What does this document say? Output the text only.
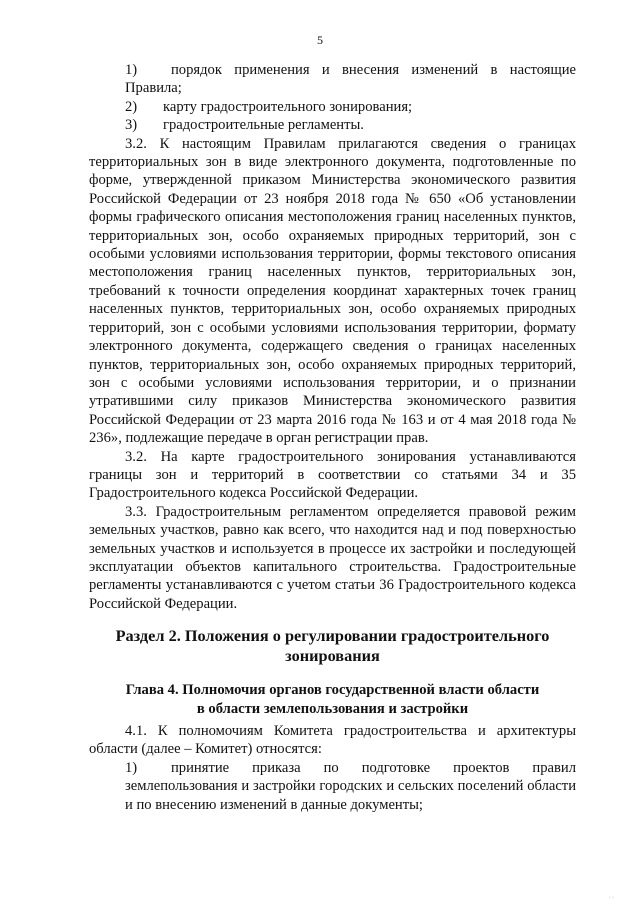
5
1) порядок применения и внесения изменений в настоящие Правила;
2)	карту градостроительного зонирования;
3)	градостроительные регламенты.

3.2. К настоящим Правилам прилагаются сведения о границах территориальных зон в виде электронного документа, подготовленные по форме, утвержденной приказом Министерства экономического развития Российской Федерации от 23 ноября 2018 года № 650 «Об установлении формы графического описания местоположения границ населенных пунктов, территориальных зон, особо охраняемых природных территорий, зон с особыми условиями использования территории, формы текстового описания местоположения границ населенных пунктов, территориальных зон, требований к точности определения координат характерных точек границ населенных пунктов, территориальных зон, особо охраняемых природных территорий, зон с особыми условиями использования территории, формату электронного документа, содержащего сведения о границах населенных пунктов, территориальных зон, особо охраняемых природных территорий, зон с особыми условиями использования территории, и о признании утратившими силу приказов Министерства экономического развития Российской Федерации от 23 марта 2016 года № 163 и от 4 мая 2018 года № 236», подлежащие передаче в орган регистрации прав.

3.2. На карте градостроительного зонирования устанавливаются границы зон и территорий в соответствии со статьями 34 и 35 Градостроительного кодекса Российской Федерации.

3.3. Градостроительным регламентом определяется правовой режим земельных участков, равно как всего, что находится над и под поверхностью земельных участков и используется в процессе их застройки и последующей эксплуатации объектов капитального строительства. Градостроительные регламенты устанавливаются с учетом статьи 36 Градостроительного кодекса Российской Федерации.

Раздел 2. Положения о регулировании градостроительного зонирования
Глава 4. Полномочия органов государственной власти области
в области землепользования и застройки

4.1. К полномочиям Комитета градостроительства и архитектуры области (далее – Комитет) относятся:

1) принятие приказа по подготовке проектов правил землепользования и застройки городских и сельских поселений области и по внесению изменений в данные документы;
· ·
